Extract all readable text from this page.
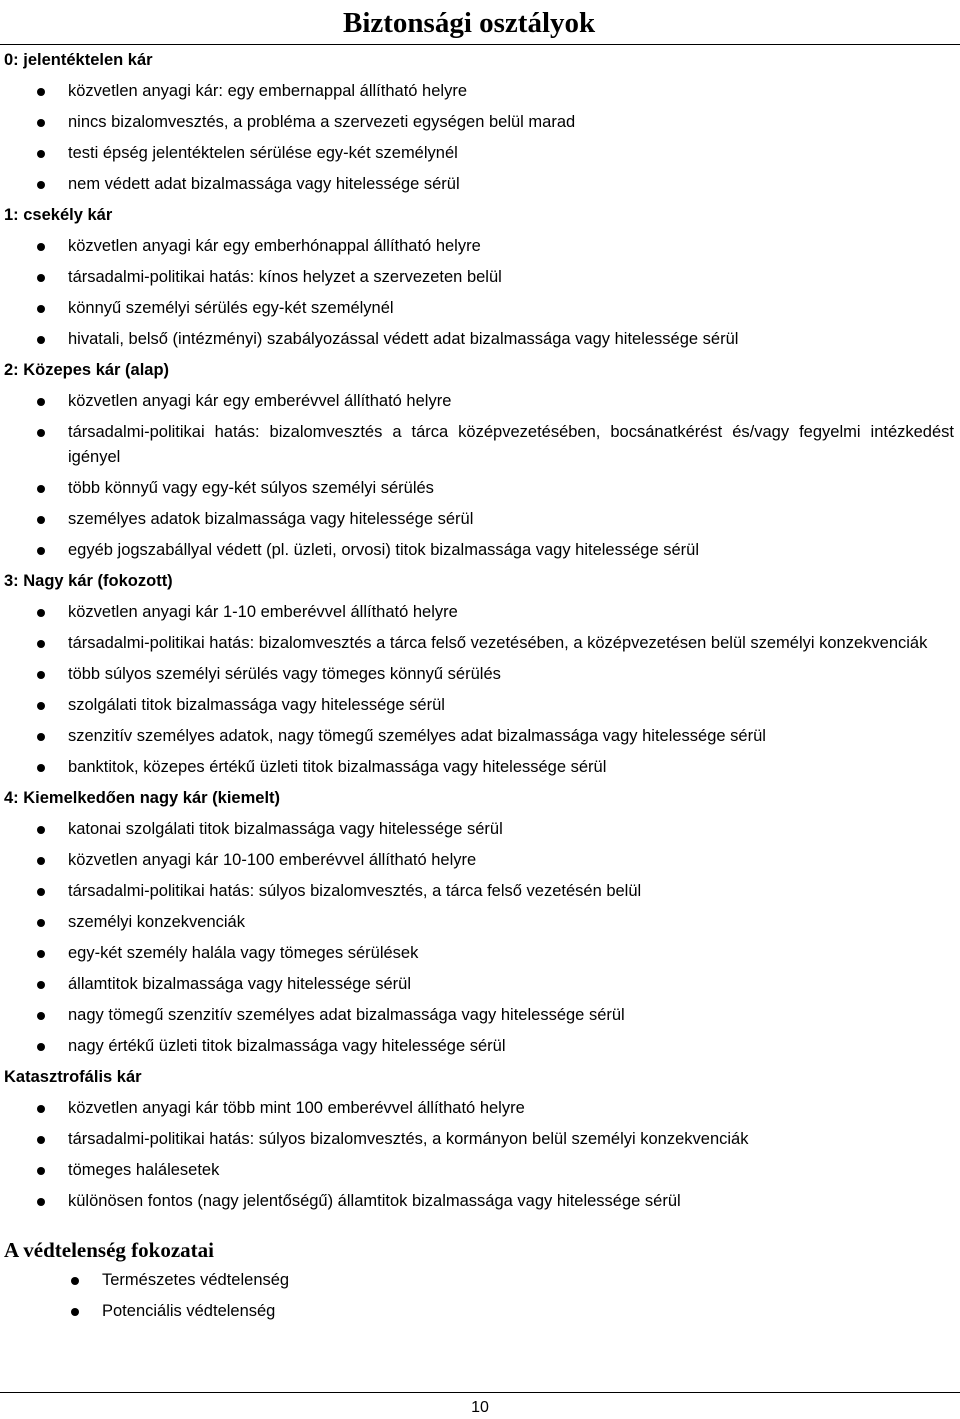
Biztonsági osztályok
0: jelentéktelen kár
közvetlen anyagi kár: egy embernappal állítható helyre
nincs bizalomvesztés, a probléma a szervezeti egységen belül marad
testi épség jelentéktelen sérülése egy-két személynél
nem védett adat bizalmassága vagy hitelessége sérül
1: csekély kár
közvetlen anyagi kár egy emberhónappal állítható helyre
társadalmi-politikai hatás: kínos helyzet a szervezeten belül
könnyű személyi sérülés egy-két személynél
hivatali, belső (intézményi) szabályozással védett adat bizalmassága vagy hitelessége sérül
2: Közepes kár (alap)
közvetlen anyagi kár egy emberévvel állítható helyre
társadalmi-politikai hatás: bizalomvesztés a tárca középvezetésében, bocsánatkérést és/vagy fegyelmi intézkedést igényel
több könnyű vagy egy-két súlyos személyi sérülés
személyes adatok bizalmassága vagy hitelessége sérül
egyéb jogszabállyal védett (pl. üzleti, orvosi) titok bizalmassága vagy hitelessége sérül
3: Nagy kár (fokozott)
közvetlen anyagi kár 1-10 emberévvel állítható helyre
társadalmi-politikai hatás: bizalomvesztés a tárca felső vezetésében, a középvezetésen belül személyi konzekvenciák
több súlyos személyi sérülés vagy tömeges könnyű sérülés
szolgálati titok bizalmassága vagy hitelessége sérül
szenzitív személyes adatok, nagy tömegű személyes adat bizalmassága vagy hitelessége sérül
banktitok, közepes értékű üzleti titok bizalmassága vagy hitelessége sérül
4: Kiemelkedően nagy kár (kiemelt)
katonai szolgálati titok bizalmassága vagy hitelessége sérül
közvetlen anyagi kár 10-100 emberévvel állítható helyre
társadalmi-politikai hatás: súlyos bizalomvesztés, a tárca felső vezetésén belül
személyi konzekvenciák
egy-két személy halála vagy tömeges sérülések
államtitok bizalmassága vagy hitelessége sérül
nagy tömegű szenzitív személyes adat bizalmassága vagy hitelessége sérül
nagy értékű üzleti titok bizalmassága vagy hitelessége sérül
Katasztrofális kár
közvetlen anyagi kár több mint 100 emberévvel állítható helyre
társadalmi-politikai hatás: súlyos bizalomvesztés, a kormányon belül személyi konzekvenciák
tömeges halálesetek
különösen fontos (nagy jelentőségű) államtitok bizalmassága vagy hitelessége sérül
A védtelenség fokozatai
Természetes védtelenség
Potenciális védtelenség
10
